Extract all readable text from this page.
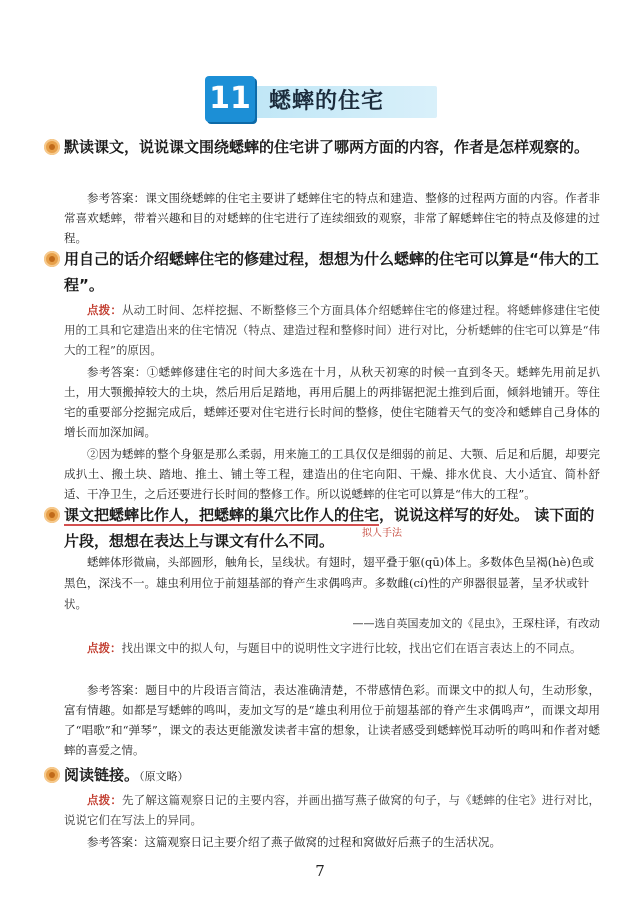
11 蟋蟀的住宅
默读课文，说说课文围绕蟋蟀的住宅讲了哪两方面的内容，作者是怎样观察的。
参考答案：课文围绕蟋蟀的住宅主要讲了蟋蟀住宅的特点和建造、整修的过程两方面的内容。作者非常喜欢蟋蟀，带着兴趣和目的对蟋蟀的住宅进行了连续细致的观察，非常了解蟋蟀住宅的特点及修建的过程。
用自己的话介绍蟋蟀住宅的修建过程，想想为什么蟋蟀的住宅可以算是“伟大的工程”。
点拨：从动工时间、怎样挖掘、不断整修三个方面具体介绍蟋蟀住宅的修建过程。将蟋蟀修建住宅使用的工具和它建造出来的住宅情况（特点、建造过程和整修时间）进行对比，分析蟋蟀的住宅可以算是“伟大的工程”的原因。
参考答案：①蟋蟀修建住宅的时间大多选在十月，从秋天初寒的时候一直到冬天。蟋蟀先用前足扒土，用大颚搬掉较大的土块，然后用后足踏地，再用后腿上的两排锯把泥土推到后面，倾斜地铺开。等住宅的重要部分挖掘完成后，蟋蟀还要对住宅进行长时间的整修，使住宅随着天气的变冷和蟋蟀自己身体的增长而加深加阔。
②因为蟋蟀的整个身躯是那么柔弱，用来施工的工具仅仅是细弱的前足、大颚、后足和后腿，却要完成扒土、搬土块、踏地、推土、铺土等工程，建造出的住宅向阳、干燥、排水优良、大小适宜、简朴舒适、干净卫生，之后还要进行长时间的整修工作。所以说蟋蟀的住宅可以算是“伟大的工程”。
课文把蟋蟀比作人，把蟋蟀的巢穴比作人的住宅，说说这样写的好处。 读下面的片段，想想在表达上与课文有什么不同。	拟人手法
蟋蟀体形微扁，头部圆形，触角长，呈线状。有翅时，翅平叠于躯(qū)体上。多数体色呈褐(hè)色或黑色，深浅不一。雄虫利用位于前翅基部的脊产生求偶鸣声。多数雌(cí)性的产卵器很显著，呈矛状或针状。
——选自英国麦加文的《昆虫》，王琛柱译，有改动
点拨：找出课文中的拟人句，与题目中的说明性文字进行比较，找出它们在语言表达上的不同点。
参考答案：题目中的片段语言简洁，表达准确清楚，不带感情色彩。而课文中的拟人句，生动形象，富有情趣。如都是写蟋蟀的鸣叫，麦加文写的是“雄虫利用位于前翅基部的脊产生求偶鸣声”，而课文却用了“唱歌”和“弹琴”，课文的表达更能激发读者丰富的想象，让读者感受到蟋蟀悦耳动听的鸣叫和作者对蟋蟀的喜爱之情。
阅读链接。（原文略）
点拨：先了解这篇观察日记的主要内容，并画出描写燕子做窝的句子，与《蟋蟀的住宅》进行对比，说说它们在写法上的异同。
参考答案：这篇观察日记主要介绍了燕子做窝的过程和窝做好后燕子的生活状况。
7
